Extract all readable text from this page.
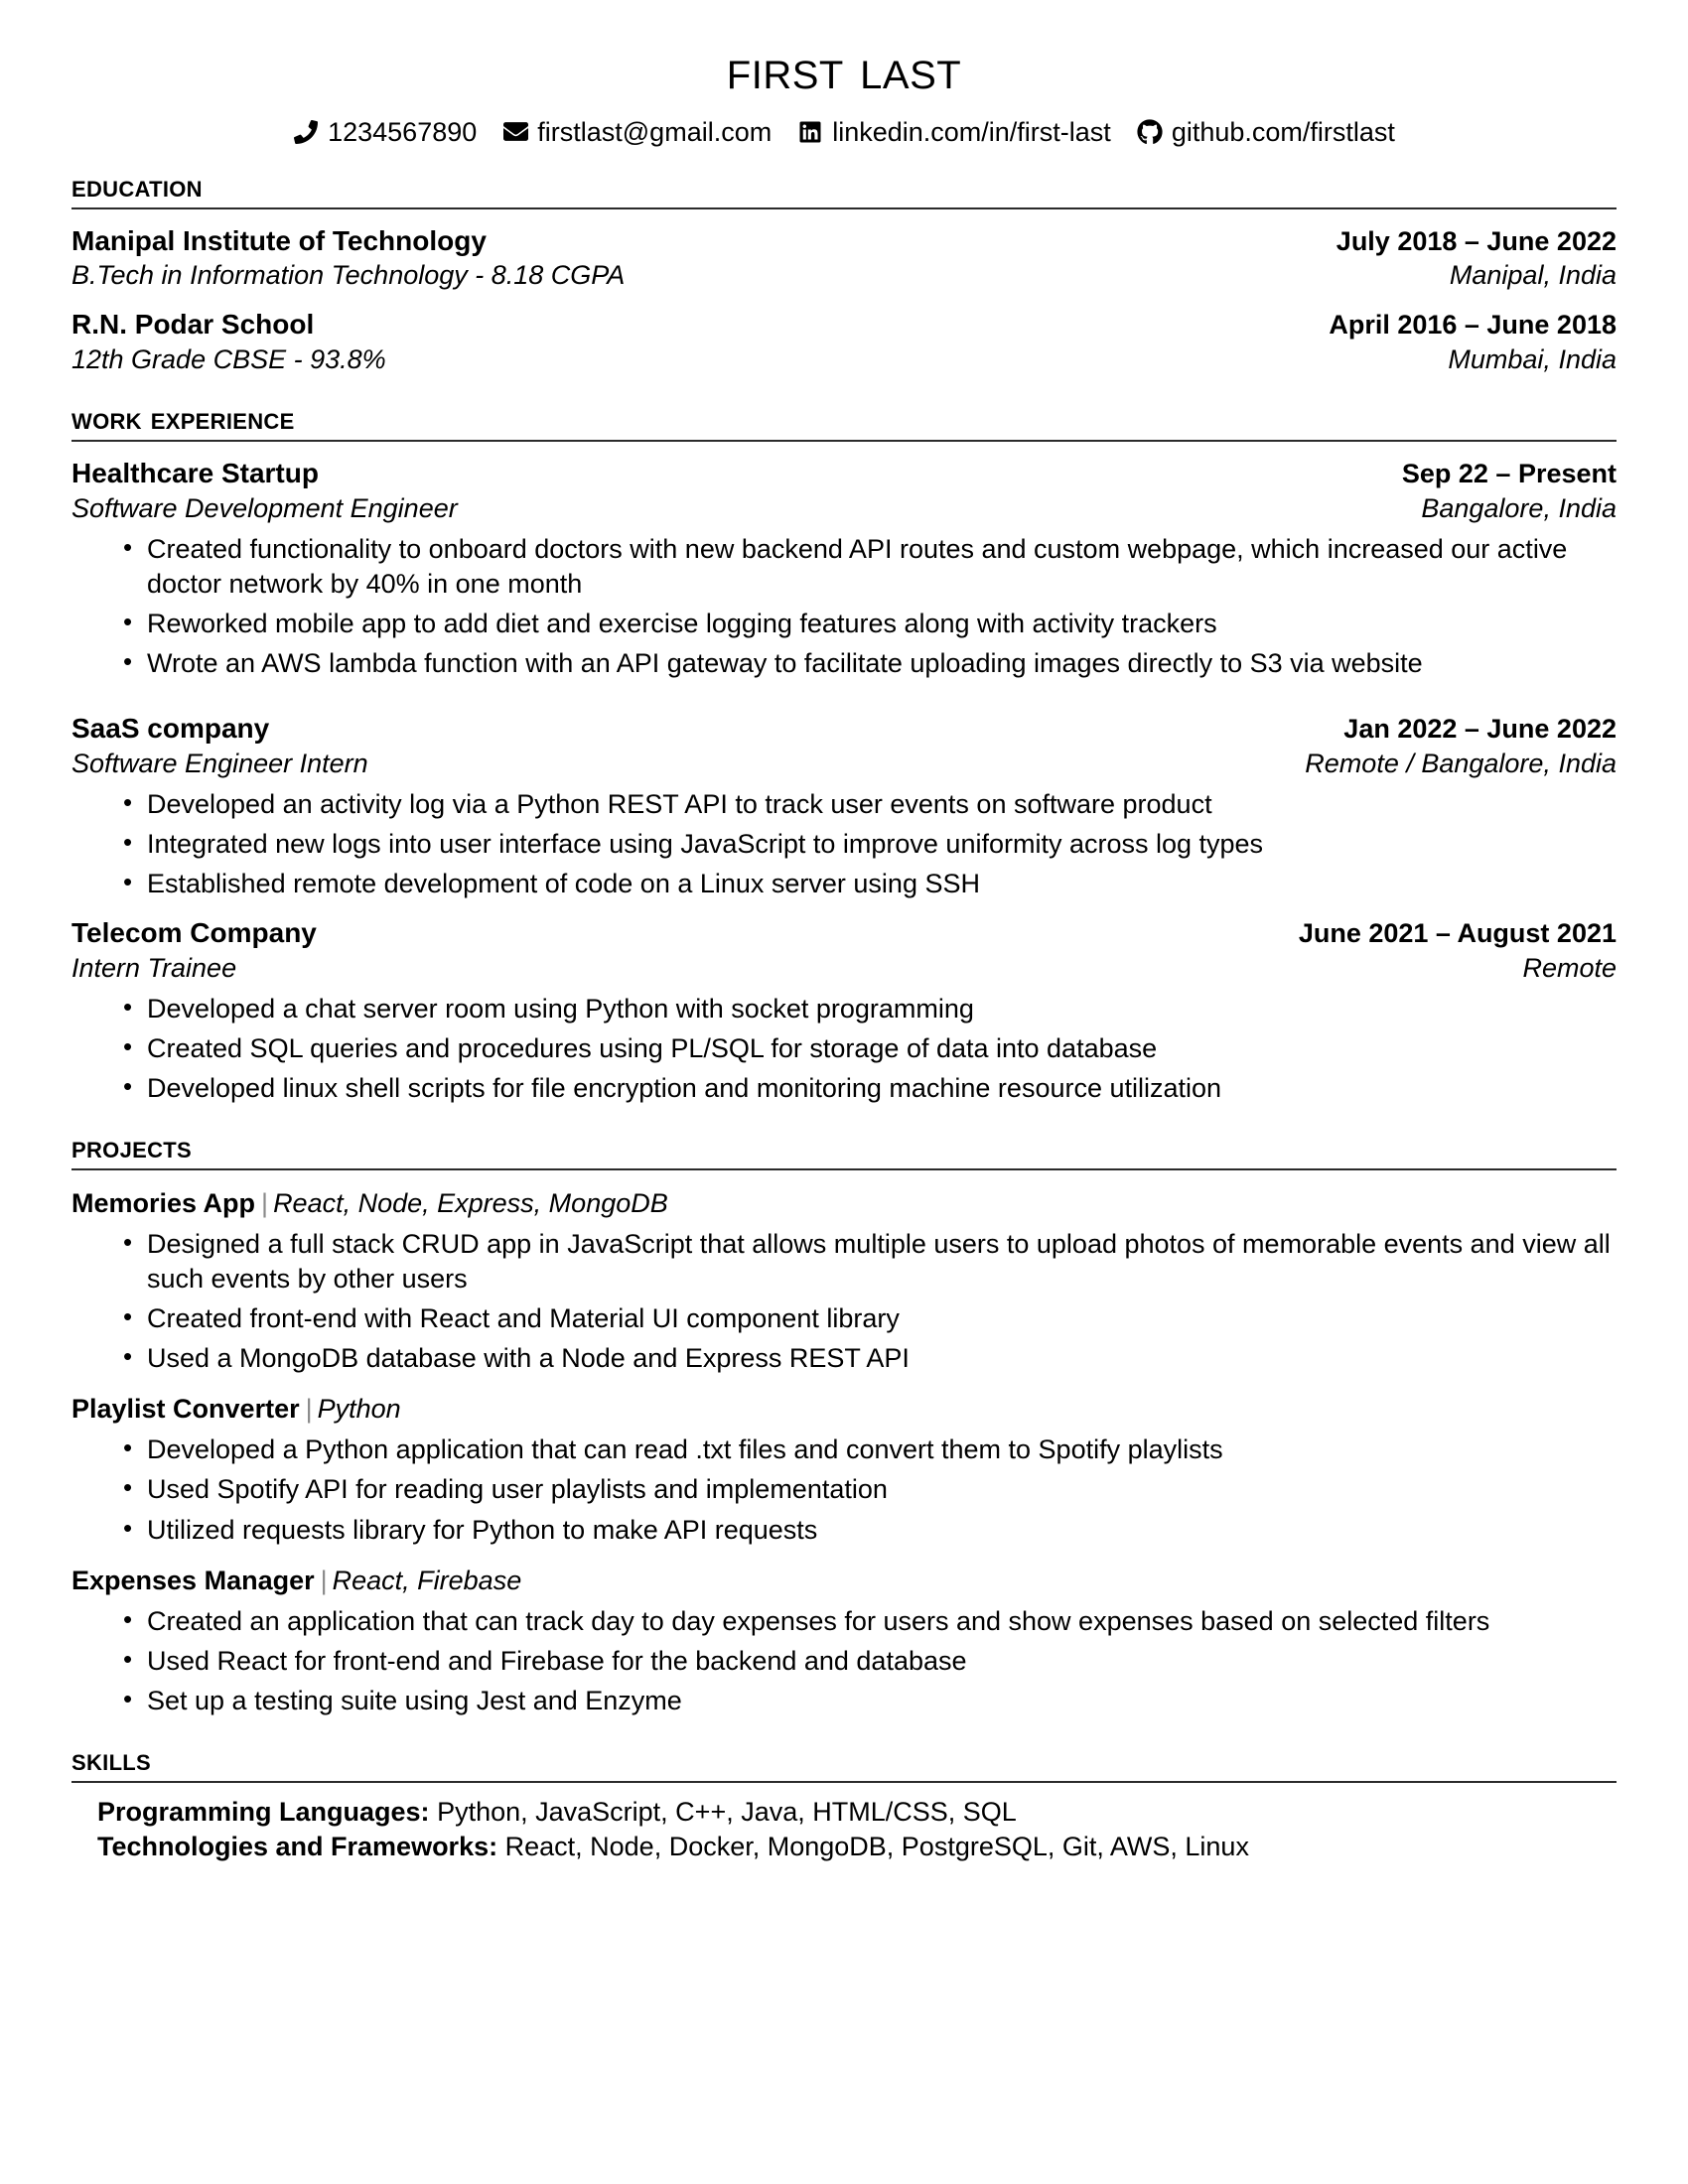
first last
1234567890 firstlast@gmail.com linkedin.com/in/first-last github.com/firstlast
education
Manipal Institute of Technology	July 2018 – June 2022
B.Tech in Information Technology - 8.18 CGPA	Manipal, India
R.N. Podar School	April 2016 – June 2018
12th Grade CBSE - 93.8%	Mumbai, India
work experience
Healthcare Startup	Sep 22 – Present
Software Development Engineer	Bangalore, India
• Created functionality to onboard doctors with new backend API routes and custom webpage, which increased our active doctor network by 40% in one month
• Reworked mobile app to add diet and exercise logging features along with activity trackers
• Wrote an AWS lambda function with an API gateway to facilitate uploading images directly to S3 via website
SaaS company	Jan 2022 – June 2022
Software Engineer Intern	Remote / Bangalore, India
• Developed an activity log via a Python REST API to track user events on software product
• Integrated new logs into user interface using JavaScript to improve uniformity across log types
• Established remote development of code on a Linux server using SSH
Telecom Company	June 2021 – August 2021
Intern Trainee	Remote
• Developed a chat server room using Python with socket programming
• Created SQL queries and procedures using PL/SQL for storage of data into database
• Developed linux shell scripts for file encryption and monitoring machine resource utilization
projects
Memories App | React, Node, Express, MongoDB
• Designed a full stack CRUD app in JavaScript that allows multiple users to upload photos of memorable events and view all such events by other users
• Created front-end with React and Material UI component library
• Used a MongoDB database with a Node and Express REST API
Playlist Converter | Python
• Developed a Python application that can read .txt files and convert them to Spotify playlists
• Used Spotify API for reading user playlists and implementation
• Utilized requests library for Python to make API requests
Expenses Manager | React, Firebase
• Created an application that can track day to day expenses for users and show expenses based on selected filters
• Used React for front-end and Firebase for the backend and database
• Set up a testing suite using Jest and Enzyme
skills
Programming Languages: Python, JavaScript, C++, Java, HTML/CSS, SQL
Technologies and Frameworks: React, Node, Docker, MongoDB, PostgreSQL, Git, AWS, Linux
